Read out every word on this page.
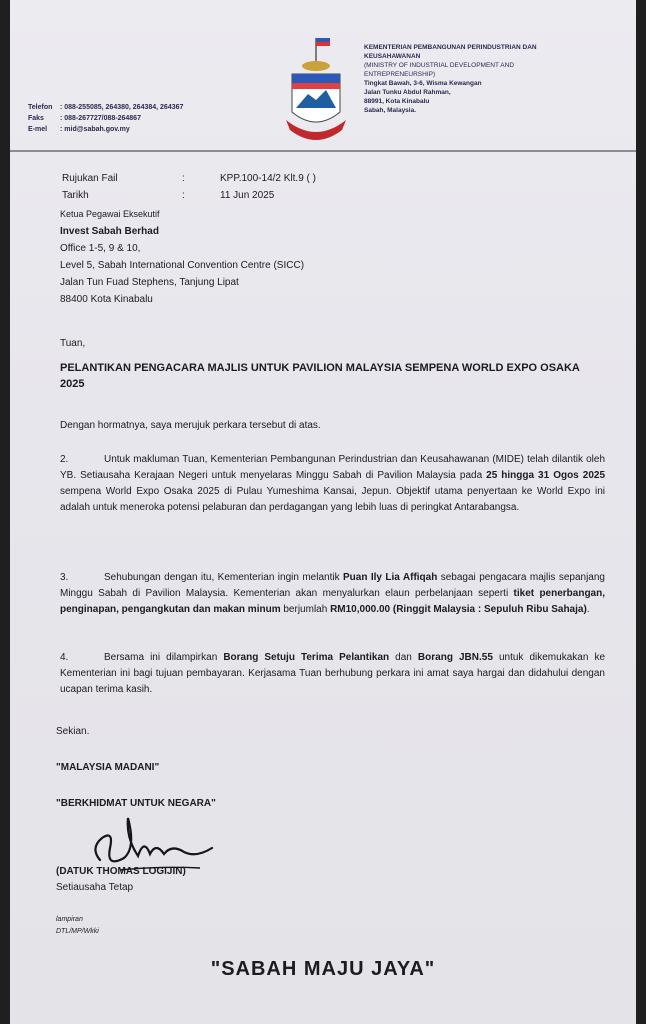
Telefon : 088-255085, 264380, 264384, 264367
Faks : 088-267727/088-264867
E-mel : mid@sabah.gov.my
KEMENTERIAN PEMBANGUNAN PERINDUSTRIAN DAN
KEUSAHAWANAN
(MINISTRY OF INDUSTRIAL DEVELOPMENT AND
ENTREPRENEURSHIP)
Tingkat Bawah, 3-6, Wisma Kewangan
Jalan Tunku Abdul Rahman,
88991, Kota Kinabalu
Sabah, Malaysia.
Rujukan Fail	:	KPP.100-14/2 Klt.9 ( )
Tarikh	:	11 Jun 2025
Ketua Pegawai Eksekutif
Invest Sabah Berhad
Office 1-5, 9 & 10,
Level 5, Sabah International Convention Centre (SICC)
Jalan Tun Fuad Stephens, Tanjung Lipat
88400 Kota Kinabalu
Tuan,
PELANTIKAN PENGACARA MAJLIS UNTUK PAVILION MALAYSIA SEMPENA WORLD EXPO OSAKA 2025
Dengan hormatnya, saya merujuk perkara tersebut di atas.
2.	Untuk makluman Tuan, Kementerian Pembangunan Perindustrian dan Keusahawanan (MIDE) telah dilantik oleh YB. Setiausaha Kerajaan Negeri untuk menyelaras Minggu Sabah di Pavilion Malaysia pada 25 hingga 31 Ogos 2025 sempena World Expo Osaka 2025 di Pulau Yumeshima Kansai, Jepun. Objektif utama penyertaan ke World Expo ini adalah untuk meneroka potensi pelaburan dan perdagangan yang lebih luas di peringkat Antarabangsa.
3.	Sehubungan dengan itu, Kementerian ingin melantik Puan Ily Lia Affiqah sebagai pengacara majlis sepanjang Minggu Sabah di Pavilion Malaysia. Kementerian akan menyalurkan elaun perbelanjaan seperti tiket penerbangan, penginapan, pengangkutan dan makan minum berjumlah RM10,000.00 (Ringgit Malaysia : Sepuluh Ribu Sahaja).
4.	Bersama ini dilampirkan Borang Setuju Terima Pelantikan dan Borang JBN.55 untuk dikemukakan ke Kementerian ini bagi tujuan pembayaran. Kerjasama Tuan berhubung perkara ini amat saya hargai dan didahului dengan ucapan terima kasih.
Sekian.
"MALAYSIA MADANI"
"BERKHIDMAT UNTUK NEGARA"
(DATUK THOMAS LOGIJIN)
Setiausaha Tetap
lampiran
DTL/MP/Wkki
"SABAH MAJU JAYA"
